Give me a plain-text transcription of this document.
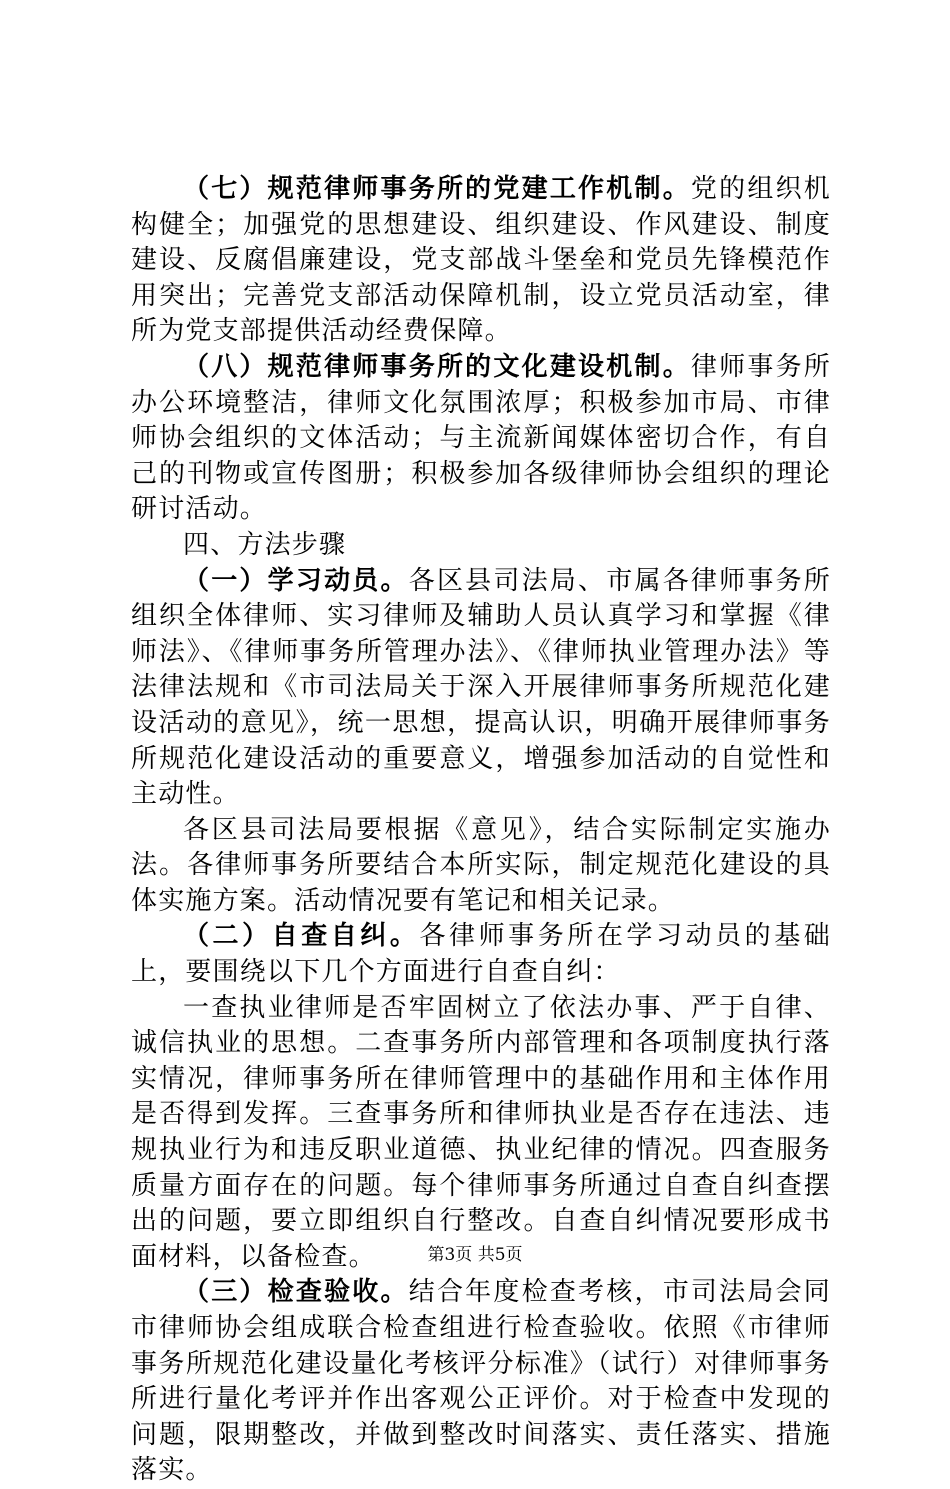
（七）规范律师事务所的党建工作机制。党的组织机构健全；加强党的思想建设、组织建设、作风建设、制度建设、反腐倡廉建设，党支部战斗堡垒和党员先锋模范作用突出；完善党支部活动保障机制，设立党员活动室，律所为党支部提供活动经费保障。

（八）规范律师事务所的文化建设机制。律师事务所办公环境整洁，律师文化氛围浓厚；积极参加市局、市律师协会组织的文体活动；与主流新闻媒体密切合作，有自己的刊物或宣传图册；积极参加各级律师协会组织的理论研讨活动。

四、方法步骤

（一）学习动员。各区县司法局、市属各律师事务所组织全体律师、实习律师及辅助人员认真学习和掌握《律师法》、《律师事务所管理办法》、《律师执业管理办法》等法律法规和《市司法局关于深入开展律师事务所规范化建设活动的意见》，统一思想，提高认识，明确开展律师事务所规范化建设活动的重要意义，增强参加活动的自觉性和主动性。

各区县司法局要根据《意见》，结合实际制定实施办法。各律师事务所要结合本所实际，制定规范化建设的具体实施方案。活动情况要有笔记和相关记录。

（二）自查自纠。各律师事务所在学习动员的基础上，要围绕以下几个方面进行自查自纠：

一查执业律师是否牢固树立了依法办事、严于自律、诚信执业的思想。二查事务所内部管理和各项制度执行落实情况，律师事务所在律师管理中的基础作用和主体作用是否得到发挥。三查事务所和律师执业是否存在违法、违规执业行为和违反职业道德、执业纪律的情况。四查服务质量方面存在的问题。每个律师事务所通过自查自纠查摆出的问题，要立即组织自行整改。自查自纠情况要形成书面材料，以备检查。

（三）检查验收。结合年度检查考核，市司法局会同市律师协会组成联合检查组进行检查验收。依照《市律师事务所规范化建设量化考核评分标准》（试行）对律师事务所进行量化考评并作出客观公正评价。对于检查中发现的问题，限期整改，并做到整改时间落实、责任落实、措施落实。

第3页 共5页
